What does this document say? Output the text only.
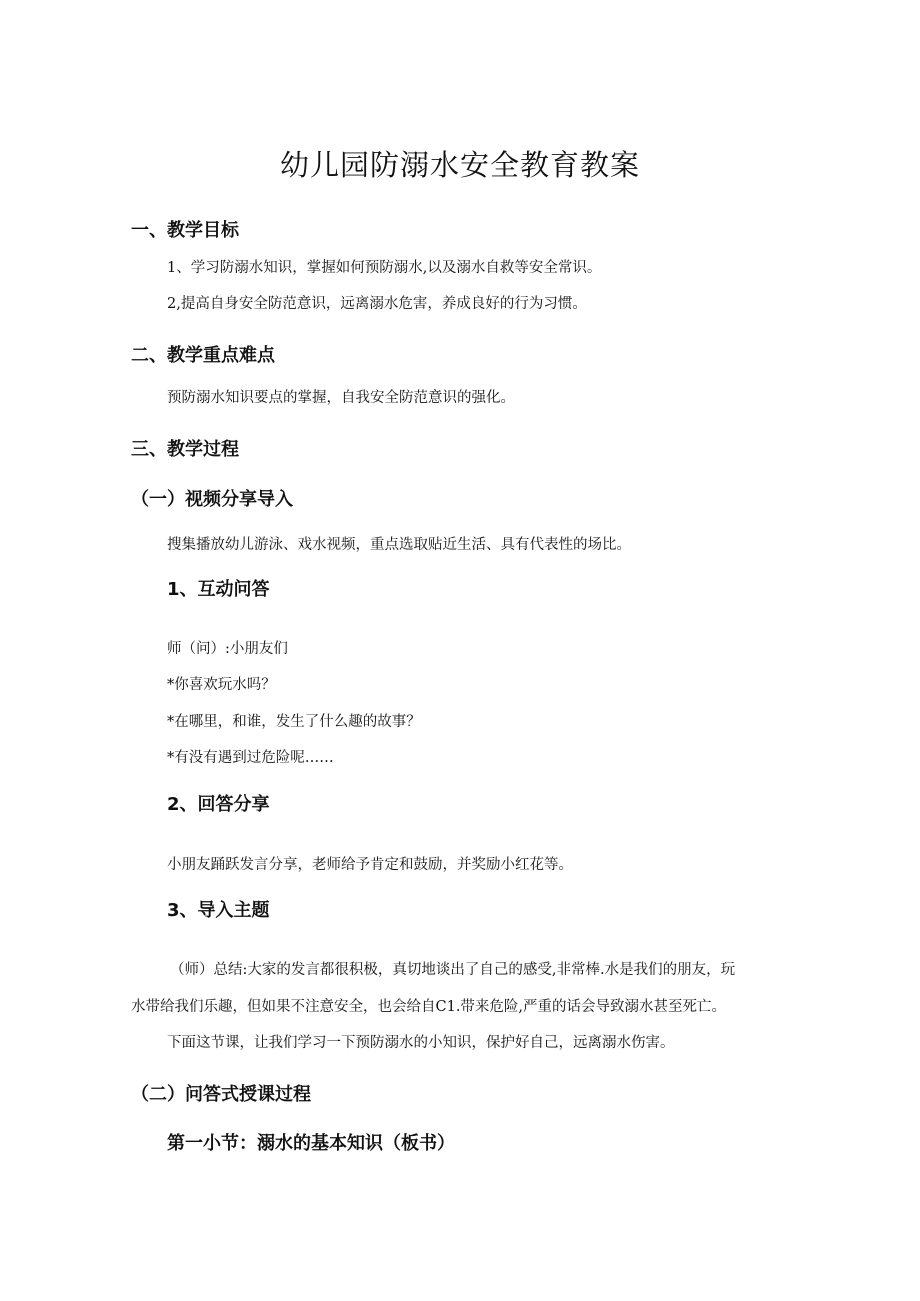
幼儿园防溺水安全教育教案
一、教学目标
1、学习防溺水知识，掌握如何预防溺水,以及溺水自救等安全常识。
2,提高自身安全防范意识，远离溺水危害，养成良好的行为习惯。
二、教学重点难点
预防溺水知识要点的掌握，自我安全防范意识的强化。
三、教学过程
（一）视频分享导入
搜集播放幼儿游泳、戏水视频，重点选取贴近生活、具有代表性的场比。
1、互动问答
师（问）:小朋友们
*你喜欢玩水吗？
*在哪里，和谁，发生了什么趣的故事？
*有没有遇到过危险呢……
2、回答分享
小朋友踊跃发言分享，老师给予肯定和鼓励，并奖励小红花等。
3、导入主题
（师）总结:大家的发言都很积极，真切地谈出了自己的感受,非常棒.水是我们的朋友，玩
水带给我们乐趣，但如果不注意安全，也会给自C1.带来危险,严重的话会导致溺水甚至死亡。
下面这节课，让我们学习一下预防溺水的小知识，保护好自己，远离溺水伤害。
（二）问答式授课过程
第一小节：溺水的基本知识（板书）
